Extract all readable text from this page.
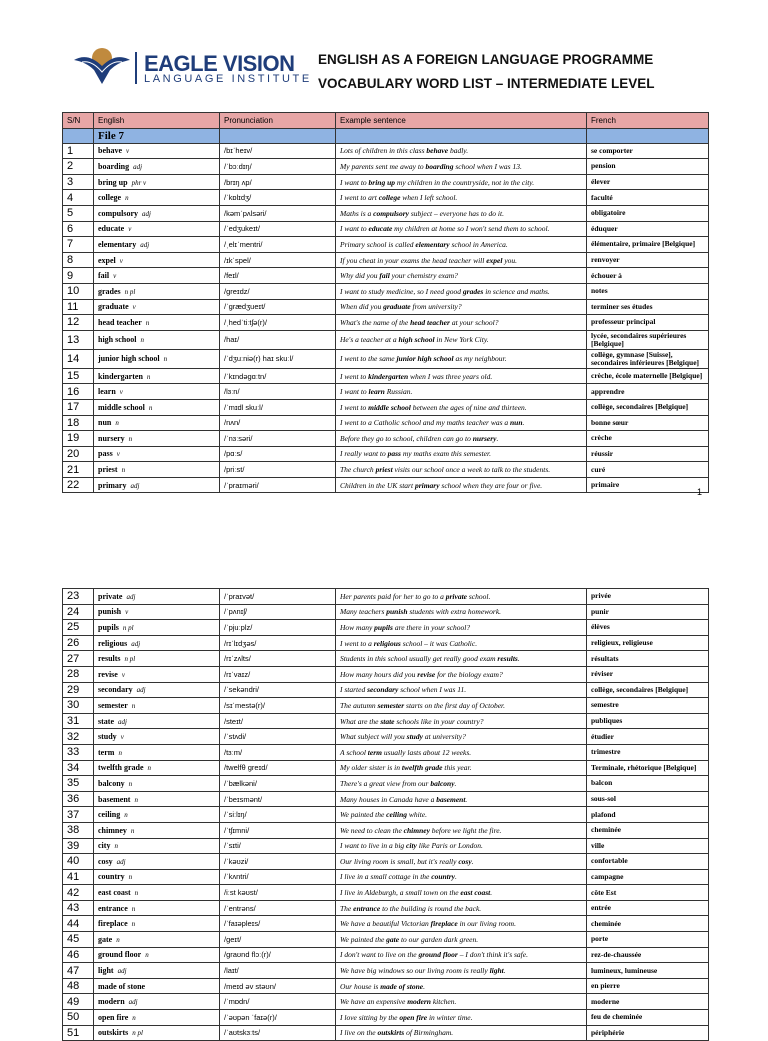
EAGLE VISION
LANGUAGE INSTITUTE
ENGLISH AS A FOREIGN LANGUAGE PROGRAMME
VOCABULARY WORD LIST – INTERMEDIATE LEVEL
S/N	English	Pronunciation	Example sentence	French
	File 7			
1	behave v	/bɪˈheɪv/	Lots of children in this class behave badly.	se comporter
2	boarding adj	/ˈbɔːdɪŋ/	My parents sent me away to boarding school when I was 13.	pension
3	bring up phr v	/brɪŋ ʌp/	I want to bring up my children in the countryside, not in the city.	élever
4	college n	/ˈkɒlɪdʒ/	I went to art college when I left school.	faculté
5	compulsory adj	/kəmˈpʌlsəri/	Maths is a compulsory subject – everyone has to do it.	obligatoire
6	educate v	/ˈedʒukeɪt/	I want to educate my children at home so I won't send them to school.	éduquer
7	elementary adj	/ˌelɪˈmentri/	Primary school is called elementary school in America.	élémentaire, primaire [Belgique]
8	expel v	/ɪkˈspel/	If you cheat in your exams the head teacher will expel you.	renvoyer
9	fail v	/feɪl/	Why did you fail your chemistry exam?	échouer à
10	grades n pl	/greɪdz/	I want to study medicine, so I need good grades in science and maths.	notes
11	graduate v	/ˈgrædʒueɪt/	When did you graduate from university?	terminer ses études
12	head teacher n	/ˌhedˈtiːtʃə(r)/	What's the name of the head teacher at your school?	professeur principal
13	high school n	/haɪ/	He's a teacher at a high school in New York City.	lycée, secondaires supérieures [Belgique]
14	junior high school n	/ˈdʒuːniə(r) haɪ skuːl/	I went to the same junior high school as my neighbour.	collège, gymnase [Suisse], secondaires inférieures [Belgique]
15	kindergarten n	/ˈkɪndəgɑːtn/	I went to kindergarten when I was three years old.	crèche, école maternelle [Belgique]
16	learn v	/lɜːn/	I want to learn Russian.	apprendre
17	middle school n	/ˈmɪdl skuːl/	I went to middle school between the ages of nine and thirteen.	collège, secondaires [Belgique]
18	nun n	/nʌn/	I went to a Catholic school and my maths teacher was a nun.	bonne sœur
19	nursery n	/ˈnɜːsəri/	Before they go to school, children can go to nursery.	crèche
20	pass v	/pɑːs/	I really want to pass my maths exam this semester.	réussir
21	priest n	/priːst/	The church priest visits our school once a week to talk to the students.	curé
22	primary adj	/ˈpraɪməri/	Children in the UK start primary school when they are four or five.	primaire
1
23	private adj	/ˈpraɪvət/	Her parents paid for her to go to a private school.	privée
24	punish v	/ˈpʌnɪʃ/	Many teachers punish students with extra homework.	punir
25	pupils n pl	/ˈpjuːplz/	How many pupils are there in your school?	élèves
26	religious adj	/rɪˈlɪdʒəs/	I went to a religious school – it was Catholic.	religieux, religieuse
27	results n pl	/rɪˈzʌlts/	Students in this school usually get really good exam results.	résultats
28	revise v	/rɪˈvaɪz/	How many hours did you revise for the biology exam?	réviser
29	secondary adj	/ˈsekəndri/	I started secondary school when I was 11.	collège, secondaires [Belgique]
30	semester n	/sɪˈmestə(r)/	The autumn semester starts on the first day of October.	semestre
31	state adj	/steɪt/	What are the state schools like in your country?	publiques
32	study v	/ˈstʌdi/	What subject will you study at university?	étudier
33	term n	/tɜːm/	A school term usually lasts about 12 weeks.	trimestre
34	twelfth grade n	/twelfθ greɪd/	My older sister is in twelfth grade this year.	Terminale, rhétorique [Belgique]
35	balcony n	/ˈbælkəni/	There's a great view from our balcony.	balcon
36	basement n	/ˈbeɪsmənt/	Many houses in Canada have a basement.	sous-sol
37	ceiling n	/ˈsiːlɪŋ/	We painted the ceiling white.	plafond
38	chimney n	/ˈtʃɪmni/	We need to clean the chimney before we light the fire.	cheminée
39	city n	/ˈsɪti/	I want to live in a big city like Paris or London.	ville
40	cosy adj	/ˈkəʊzi/	Our living room is small, but it's really cosy.	confortable
41	country n	/ˈkʌntri/	I live in a small cottage in the country.	campagne
42	east coast n	/iːst kəʊst/	I live in Aldeburgh, a small town on the east coast.	côte Est
43	entrance n	/ˈentrəns/	The entrance to the building is round the back.	entrée
44	fireplace n	/ˈfaɪəpleɪs/	We have a beautiful Victorian fireplace in our living room.	cheminée
45	gate n	/geɪt/	We painted the gate to our garden dark green.	porte
46	ground floor n	/graʊnd flɔː(r)/	I don't want to live on the ground floor – I don't think it's safe.	rez-de-chaussée
47	light adj	/laɪt/	We have big windows so our living room is really light.	lumineux, lumineuse
48	made of stone	/meɪd əv stəʊn/	Our house is made of stone.	en pierre
49	modern adj	/ˈmɒdn/	We have an expensive modern kitchen.	moderne
50	open fire n	/ˈəʊpən ˈfaɪə(r)/	I love sitting by the open fire in winter time.	feu de cheminée
51	outskirts n pl	/ˈaʊtskɜːts/	I live on the outskirts of Birmingham.	périphérie
